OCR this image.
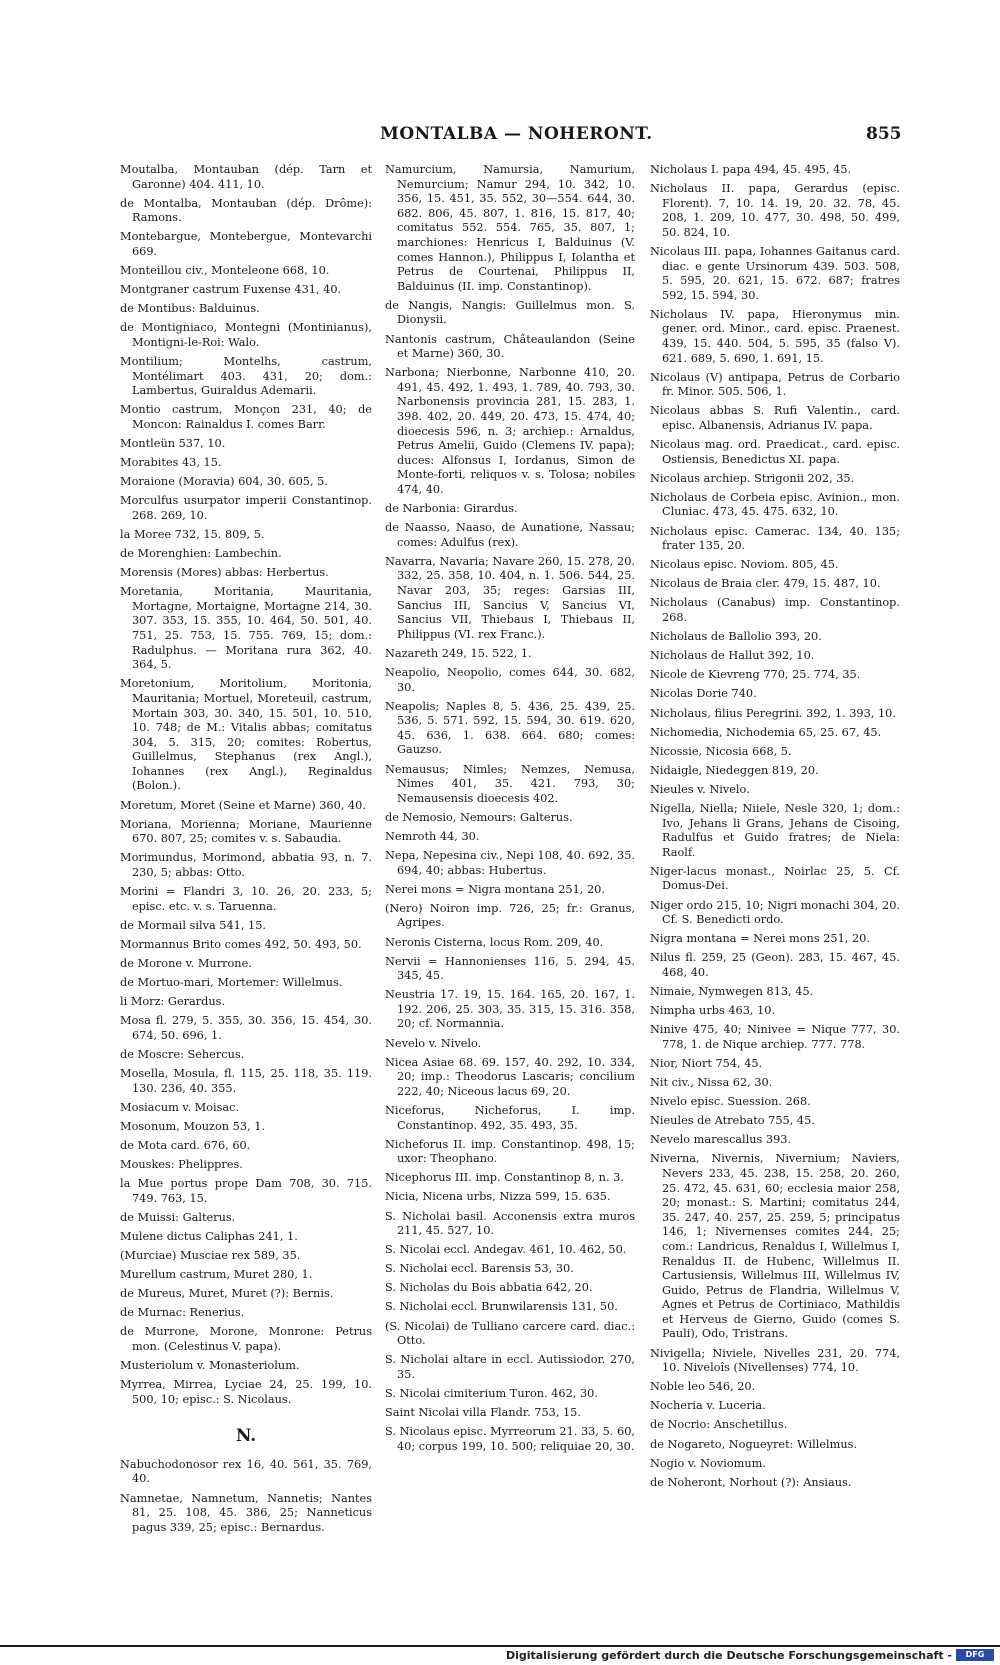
MONTALBA — NOHERONT.	855

Moutalba, Montauban (dép. Tarn et Garonne) 404. 411, 10.

de Montalba, Montauban (dép. Drôme): Ramons.

Montebargue, Montebergue, Montevarchi 669.

Monteillou civ., Monteleone 668, 10.

Montgraner castrum Fuxense 431, 40.

de Montibus: Balduinus.

de Montigniaco, Montegni (Montinianus), Montigni-le-Roi: Walo.

Montilium; Montelhs, castrum, Montélimart 403. 431, 20; dom.: Lambertus, Guiraldus Ademarii.

Montio castrum, Monçon 231, 40; de Moncon: Rainaldus I. comes Barr.

Montleün 537, 10.

Morabites 43, 15.

Moraione (Moravia) 604, 30. 605, 5.

Morculfus usurpator imperii Constantinop. 268. 269, 10.

la Moree 732, 15. 809, 5.

de Morenghien: Lambechin.

Morensis (Mores) abbas: Herbertus.

Moretania, Moritania, Mauritania, Mortagne, Mortaigne, Mortagne 214, 30. 307. 353, 15. 355, 10. 464, 50. 501, 40. 751, 25. 753, 15. 755. 769, 15; dom.: Radulphus. — Moritana rura 362, 40. 364, 5.

Moretonium, Moritolium, Moritonia, Mauritania; Mortuel, Moreteuil, castrum, Mortain 303, 30. 340, 15. 501, 10. 510, 10. 748; de M.: Vitalis abbas; comitatus 304, 5. 315, 20; comites: Robertus, Guillelmus, Stephanus (rex Angl.), Iohannes (rex Angl.), Reginaldus (Bolon.).

Moretum, Moret (Seine et Marne) 360, 40.

Moriana, Morienna; Moriane, Maurienne 670. 807, 25; comites v. s. Sabaudia.

Morimundus, Morimond, abbatia 93, n. 7. 230, 5; abbas: Otto.

Morini = Flandri 3, 10. 26, 20. 233, 5; episc. etc. v. s. Taruenna.

de Mormail silva 541, 15.

Mormannus Brito comes 492, 50. 493, 50.

de Morone v. Murrone.

de Mortuo-mari, Mortemer: Willelmus.

li Morz: Gerardus.

Mosa fl. 279, 5. 355, 30. 356, 15. 454, 30. 674, 50. 696, 1.

de Moscre: Sehercus.

Mosella, Mosula, fl. 115, 25. 118, 35. 119. 130. 236, 40. 355.

Mosiacum v. Moisac.

Mosonum, Mouzon 53, 1.

de Mota card. 676, 60.

Mouskes: Phelippres.

la Mue portus prope Dam 708, 30. 715. 749. 763, 15.

de Muissi: Galterus.

Mulene dictus Caliphas 241, 1.

(Murciae) Musciae rex 589, 35.

Murellum castrum, Muret 280, 1.

de Mureus, Muret, Muret (?): Bernis.

de Murnac: Renerius.

de Murrone, Morone, Monrone: Petrus mon. (Celestinus V. papa).

Musteriolum v. Monasteriolum.

Myrrea, Mirrea, Lyciae 24, 25. 199, 10. 500, 10; episc.: S. Nicolaus.

N.

Nabuchodonosor rex 16, 40. 561, 35. 769, 40.

Namnetae, Namnetum, Nannetis; Nantes 81, 25. 108, 45. 386, 25; Nanneticus pagus 339, 25; episc.: Bernardus.

Namurcium, Namursia, Namurium, Nemurcium; Namur 294, 10. 342, 10. 356, 15. 451, 35. 552, 30—554. 644, 30. 682. 806, 45. 807, 1. 816, 15. 817, 40; comitatus 552. 554. 765, 35. 807, 1; marchiones: Henricus I, Balduinus (V. comes Hannon.), Philippus I, Iolantha et Petrus de Courtenai, Philippus II, Balduinus (II. imp. Constantinop).

de Nangis, Nangis: Guillelmus mon. S. Dionysii.

Nantonis castrum, Châteaulandon (Seine et Marne) 360, 30.

Narbona; Nierbonne, Narbonne 410, 20. 491, 45. 492, 1. 493, 1. 789, 40. 793, 30. Narbonensis provincia 281, 15. 283, 1. 398. 402, 20. 449, 20. 473, 15. 474, 40; dioecesis 596, n. 3; archiep.: Arnaldus, Petrus Amelii, Guido (Clemens IV. papa); duces: Alfonsus I, Iordanus, Simon de Monte-forti, reliquos v. s. Tolosa; nobiles 474, 40.

de Narbonia: Girardus.

de Naasso, Naaso, de Aunatione, Nassau; comes: Adulfus (rex).

Navarra, Navaria; Navare 260, 15. 278, 20. 332, 25. 358, 10. 404, n. 1. 506. 544, 25. Navar 203, 35; reges: Garsias III, Sancius III, Sancius V, Sancius VI, Sancius VII, Thiebaus I, Thiebaus II, Philippus (VI. rex Franc.).

Nazareth 249, 15. 522, 1.

Neapolio, Neopolio, comes 644, 30. 682, 30.

Neapolis; Naples 8, 5. 436, 25. 439, 25. 536, 5. 571. 592, 15. 594, 30. 619. 620, 45. 636, 1. 638. 664. 680; comes: Gauzso.

Nemausus; Nimles; Nemzes, Nemusa, Nimes 401, 35. 421. 793, 30; Nemausensis dioecesis 402.

de Nemosio, Nemours: Galterus.

Nemroth 44, 30.

Nepa, Nepesina civ., Nepi 108, 40. 692, 35. 694, 40; abbas: Hubertus.

Nerei mons = Nigra montana 251, 20.

(Nero) Noiron imp. 726, 25; fr.: Granus, Agripes.

Neronis Cisterna, locus Rom. 209, 40.

Nervii = Hannonienses 116, 5. 294, 45. 345, 45.

Neustria 17. 19, 15. 164. 165, 20. 167, 1. 192. 206, 25. 303, 35. 315, 15. 316. 358, 20; cf. Normannia.

Nevelo v. Nivelo.

Nicea Asiae 68. 69. 157, 40. 292, 10. 334, 20; imp.: Theodorus Lascaris; concilium 222, 40; Niceous lacus 69, 20.

Niceforus, Nicheforus, I. imp. Constantinop. 492, 35. 493, 35.

Nicheforus II. imp. Constantinop. 498, 15; uxor: Theophano.

Nicephorus III. imp. Constantinop 8, n. 3.

Nicia, Nicena urbs, Nizza 599, 15. 635.

S. Nicholai basil. Acconensis extra muros 211, 45. 527, 10.

S. Nicolai eccl. Andegav. 461, 10. 462, 50.

S. Nicholai eccl. Barensis 53, 30.

S. Nicholas du Bois abbatia 642, 20.

S. Nicholai eccl. Brunwilarensis 131, 50.

(S. Nicolai) de Tulliano carcere card. diac.: Otto.

S. Nicholai altare in eccl. Autissiodor. 270, 35.

S. Nicolai cimiterium Turon. 462, 30.

Saint Nicolai villa Flandr. 753, 15.

S. Nicolaus episc. Myrreorum 21. 33, 5. 60, 40; corpus 199, 10. 500; reliquiae 20, 30.

Nicholaus I. papa 494, 45. 495, 45.

Nicholaus II. papa, Gerardus (episc. Florent). 7, 10. 14. 19, 20. 32. 78, 45. 208, 1. 209, 10. 477, 30. 498, 50. 499, 50. 824, 10.

Nicolaus III. papa, Iohannes Gaitanus card. diac. e gente Ursinorum 439. 503. 508, 5. 595, 20. 621, 15. 672. 687; fratres 592, 15. 594, 30.

Nicholaus IV. papa, Hieronymus min. gener. ord. Minor., card. episc. Praenest. 439, 15. 440. 504, 5. 595, 35 (falso V). 621. 689, 5. 690, 1. 691, 15.

Nicolaus (V) antipapa, Petrus de Corbario fr. Minor. 505. 506, 1.

Nicolaus abbas S. Rufi Valentin., card. episc. Albanensis, Adrianus IV. papa.

Nicolaus mag. ord. Praedicat., card. episc. Ostiensis, Benedictus XI. papa.

Nicolaus archiep. Strigonii 202, 35.

Nicholaus de Corbeia episc. Avinion., mon. Cluniac. 473, 45. 475. 632, 10.

Nicholaus episc. Camerac. 134, 40. 135; frater 135, 20.

Nicolaus episc. Noviom. 805, 45.

Nicolaus de Braia cler. 479, 15. 487, 10.

Nicholaus (Canabus) imp. Constantinop. 268.

Nicholaus de Ballolio 393, 20.

Nicholaus de Hallut 392, 10.

Nicole de Kievreng 770, 25. 774, 35.

Nicolas Dorie 740.

Nicholaus, filius Peregrini. 392, 1. 393, 10.

Nichomedia, Nichodemia 65, 25. 67, 45.

Nicossie, Nicosia 668, 5.

Nidaigle, Niedeggen 819, 20.

Nieules v. Nivelo.

Nigella, Niella; Niiele, Nesle 320, 1; dom.: Ivo, Jehans li Grans, Jehans de Cisoing, Radulfus et Guido fratres; de Niela: Raolf.

Niger-lacus monast., Noirlac 25, 5. Cf. Domus-Dei.

Niger ordo 215, 10; Nigri monachi 304, 20. Cf. S. Benedicti ordo.

Nigra montana = Nerei mons 251, 20.

Nilus fl. 259, 25 (Geon). 283, 15. 467, 45. 468, 40.

Nimaie, Nymwegen 813, 45.

Nimpha urbs 463, 10.

Ninive 475, 40; Ninivee = Nique 777, 30. 778, 1. de Nique archiep. 777. 778.

Nior, Niort 754, 45.

Nit civ., Nissa 62, 30.

Nivelo episc. Suession. 268.

Nieules de Atrebato 755, 45.

Nevelo marescallus 393.

Niverna, Nivernis, Nivernium; Naviers, Nevers 233, 45. 238, 15. 258, 20. 260, 25. 472, 45. 631, 60; ecclesia maior 258, 20; monast.: S. Martini; comitatus 244, 35. 247, 40. 257, 25. 259, 5; principatus 146, 1; Nivernenses comites 244, 25; com.: Landricus, Renaldus I, Willelmus I, Renaldus II. de Hubenc, Willelmus II. Cartusiensis, Willelmus III, Willelmus IV, Guido, Petrus de Flandria, Willelmus V, Agnes et Petrus de Cortiniaco, Mathildis et Herveus de Gierno, Guido (comes S. Pauli), Odo, Tristrans.

Nivigella; Niviele, Nivelles 231, 20. 774, 10. Niveloîs (Nivellenses) 774, 10.

Noble leo 546, 20.

Nocheria v. Luceria.

de Nocrio: Anschetillus.

de Nogareto, Nogueyret: Willelmus.

Nogio v. Noviomum.

de Noheront, Norhout (?): Ansiaus.

Digitalisierung gefördert durch die Deutsche Forschungsgemeinschaft -	DFG
